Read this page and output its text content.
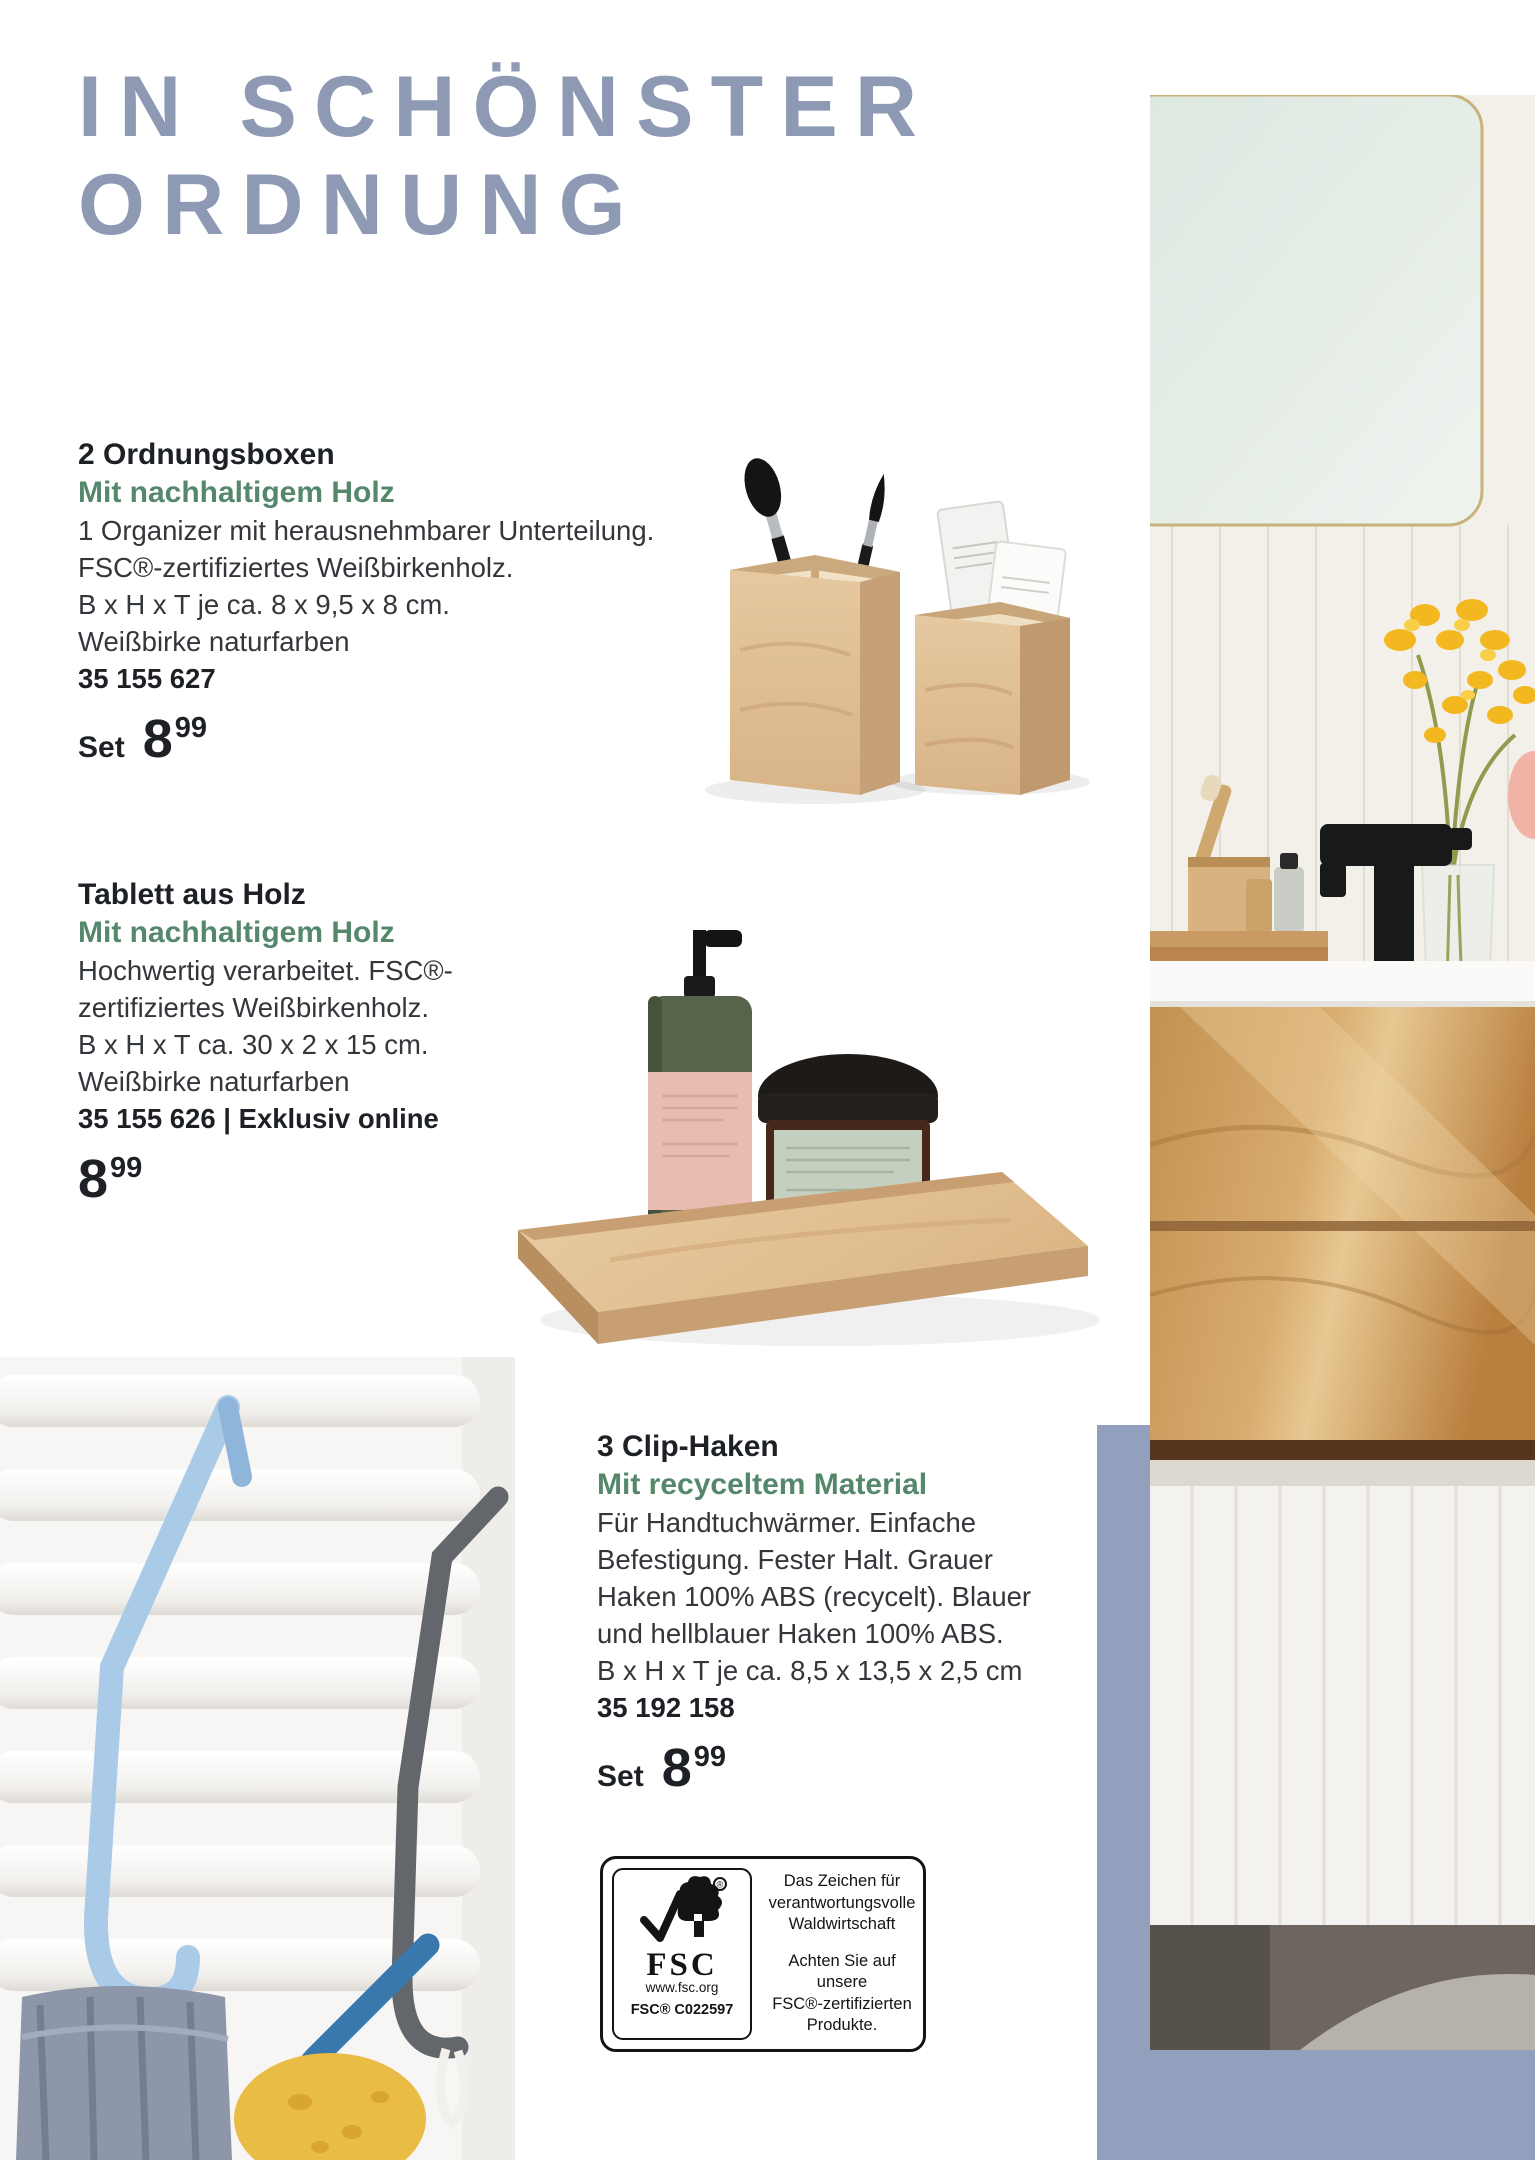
IN SCHÖNSTER
ORDNUNG
2 Ordnungsboxen
Mit nachhaltigem Holz
1 Organizer mit herausnehmbarer Unterteilung.
FSC®-zertifiziertes Weißbirkenholz.
B x H x T je ca. 8 x 9,5 x 8 cm.
Weißbirke naturfarben
35 155 627
Set 899
Tablett aus Holz
Mit nachhaltigem Holz
Hochwertig verarbeitet. FSC®-
zertifiziertes Weißbirkenholz.
B x H x T ca. 30 x 2 x 15 cm.
Weißbirke naturfarben
35 155 626 | Exklusiv online
899
3 Clip-Haken
Mit recyceltem Material
Für Handtuchwärmer. Einfache
Befestigung. Fester Halt. Grauer
Haken 100% ABS (recycelt). Blauer
und hellblauer Haken 100% ABS.
B x H x T je ca. 8,5 x 13,5 x 2,5 cm
35 192 158
Set 899
®
FSC
www.fsc.org
FSC® C022597
Das Zeichen für
verantwortungsvolle
Waldwirtschaft
Achten Sie auf unsere
FSC®-zertifizierten
Produkte.
